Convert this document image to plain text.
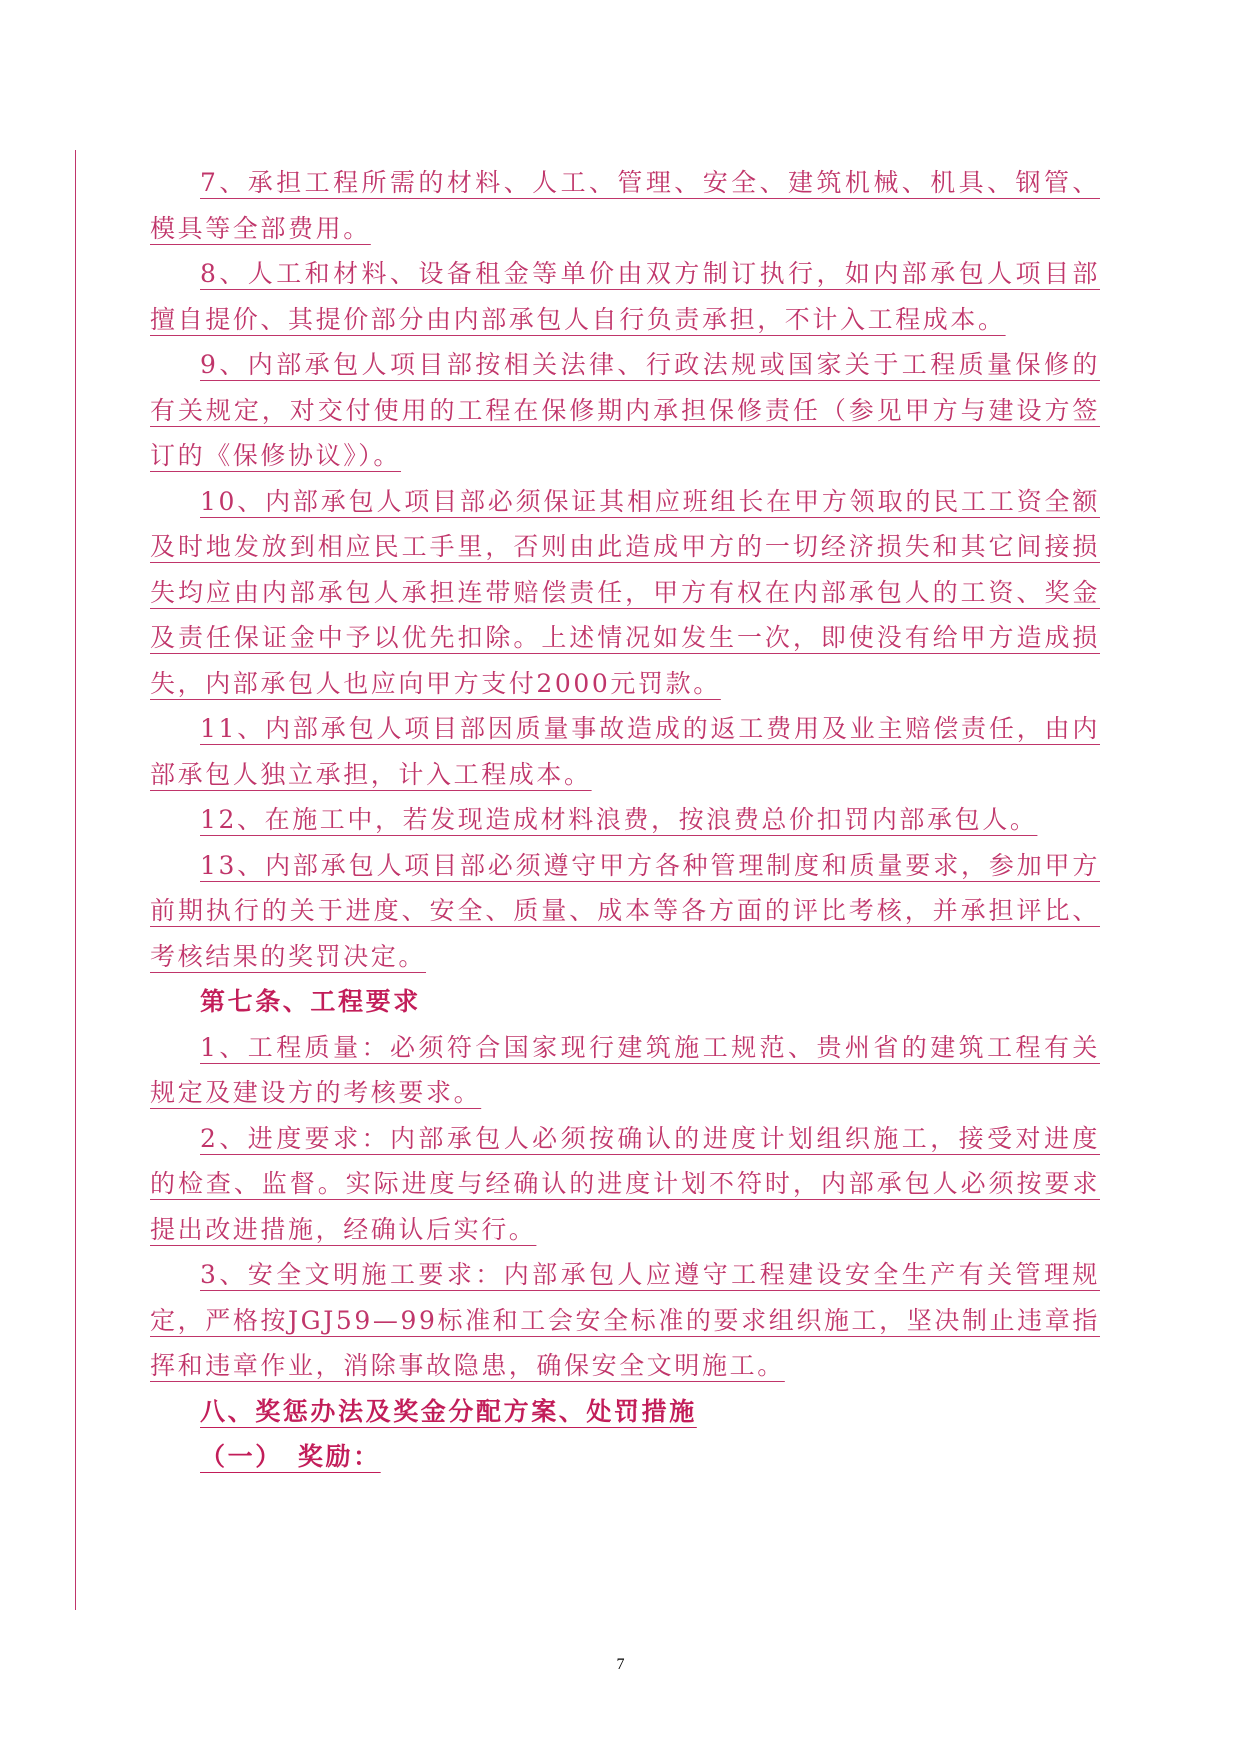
7、承担工程所需的材料、人工、管理、安全、建筑机械、机具、钢管、模具等全部费用。

8、人工和材料、设备租金等单价由双方制订执行，如内部承包人项目部擅自提价、其提价部分由内部承包人自行负责承担，不计入工程成本。

9、内部承包人项目部按相关法律、行政法规或国家关于工程质量保修的有关规定，对交付使用的工程在保修期内承担保修责任（参见甲方与建设方签订的《保修协议》）。

10、内部承包人项目部必须保证其相应班组长在甲方领取的民工工资全额及时地发放到相应民工手里，否则由此造成甲方的一切经济损失和其它间接损失均应由内部承包人承担连带赔偿责任，甲方有权在内部承包人的工资、奖金及责任保证金中予以优先扣除。上述情况如发生一次，即使没有给甲方造成损失，内部承包人也应向甲方支付2000元罚款。

11、内部承包人项目部因质量事故造成的返工费用及业主赔偿责任，由内部承包人独立承担，计入工程成本。

12、在施工中，若发现造成材料浪费，按浪费总价扣罚内部承包人。

13、内部承包人项目部必须遵守甲方各种管理制度和质量要求，参加甲方前期执行的关于进度、安全、质量、成本等各方面的评比考核，并承担评比、考核结果的奖罚决定。

第七条、工程要求

1、工程质量：必须符合国家现行建筑施工规范、贵州省的建筑工程有关规定及建设方的考核要求。

2、进度要求：内部承包人必须按确认的进度计划组织施工，接受对进度的检查、监督。实际进度与经确认的进度计划不符时，内部承包人必须按要求提出改进措施，经确认后实行。

3、安全文明施工要求：内部承包人应遵守工程建设安全生产有关管理规定，严格按JGJ59—99标准和工会安全标准的要求组织施工，坚决制止违章指挥和违章作业，消除事故隐患，确保安全文明施工。

八、奖惩办法及奖金分配方案、处罚措施

（一）　奖励：

7
